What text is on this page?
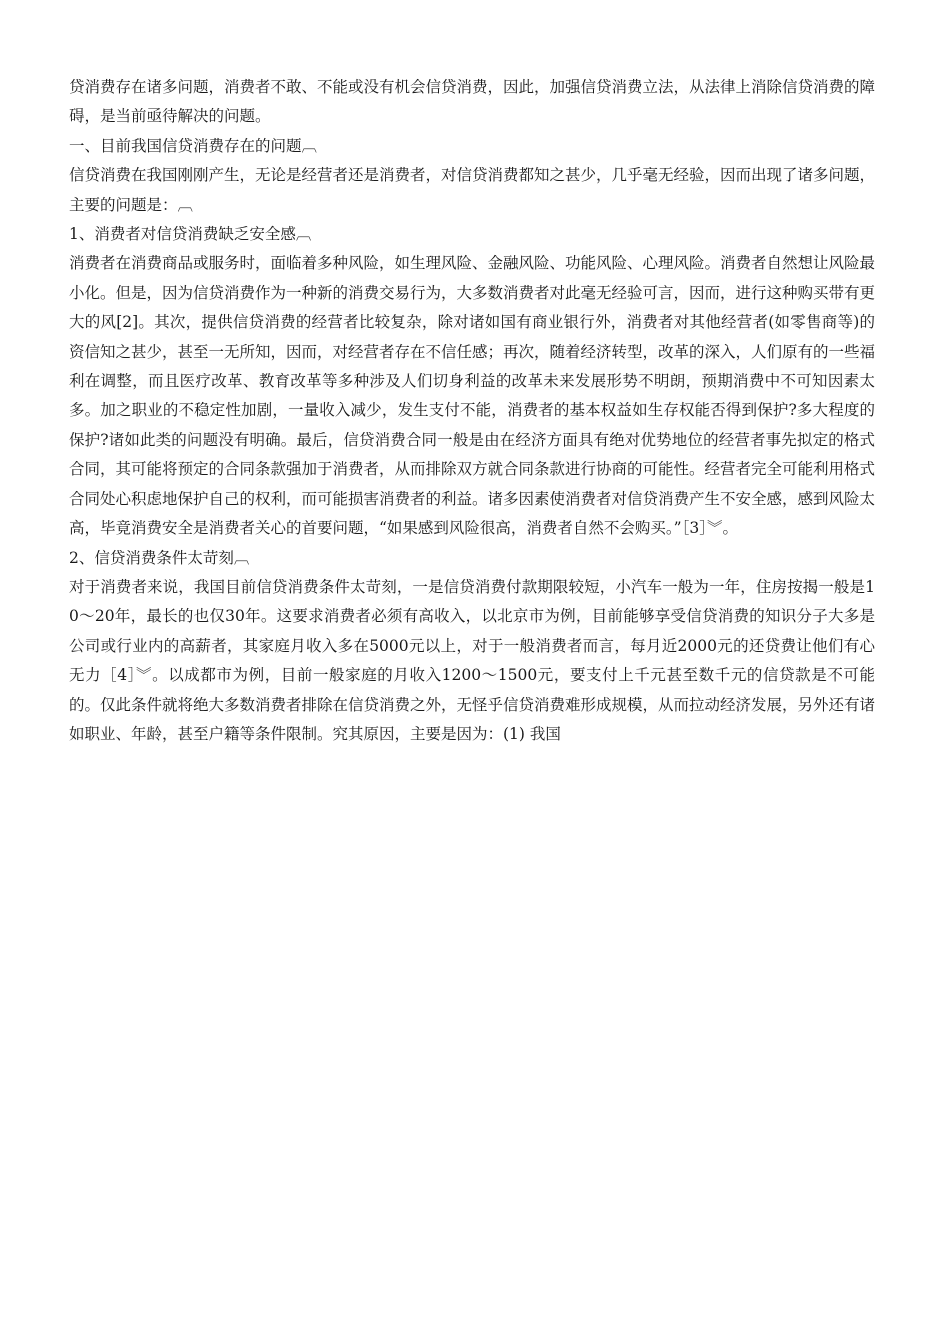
贷消费存在诸多问题，消费者不敢、不能或没有机会信贷消费，因此，加强信贷消费立法，从法律上消除信贷消费的障碍，是当前亟待解决的问题。

一、目前我国信贷消费存在的问题︹

信贷消费在我国刚刚产生，无论是经营者还是消费者，对信贷消费都知之甚少，几乎毫无经验，因而出现了诸多问题，主要的问题是：︹

1、消费者对信贷消费缺乏安全感︹

消费者在消费商品或服务时，面临着多种风险，如生理风险、金融风险、功能风险、心理风险。消费者自然想让风险最小化。但是，因为信贷消费作为一种新的消费交易行为，大多数消费者对此毫无经验可言，因而，进行这种购买带有更大的风[2]。其次，提供信贷消费的经营者比较复杂，除对诸如国有商业银行外，消费者对其他经营者(如零售商等)的资信知之甚少，甚至一无所知，因而，对经营者存在不信任感；再次，随着经济转型，改革的深入，人们原有的一些福利在调整，而且医疗改革、教育改革等多种涉及人们切身利益的改革未来发展形势不明朗，预期消费中不可知因素太多。加之职业的不稳定性加剧，一量收入减少，发生支付不能，消费者的基本权益如生存权能否得到保护?多大程度的保护?诸如此类的问题没有明确。最后，信贷消费合同一般是由在经济方面具有绝对优势地位的经营者事先拟定的格式合同，其可能将预定的合同条款强加于消费者，从而排除双方就合同条款进行协商的可能性。经营者完全可能利用格式合同处心积虑地保护自己的权利，而可能损害消费者的利益。诸多因素使消费者对信贷消费产生不安全感，感到风险太高，毕竟消费安全是消费者关心的首要问题，“如果感到风险很高，消费者自然不会购买。”［3］︾。

2、信贷消费条件太苛刻︹

对于消费者来说，我国目前信贷消费条件太苛刻，一是信贷消费付款期限较短，小汽车一般为一年，住房按揭一般是10～20年，最长的也仅30年。这要求消费者必须有高收入，以北京市为例，目前能够享受信贷消费的知识分子大多是公司或行业内的高薪者，其家庭月收入多在5000元以上，对于一般消费者而言，每月近2000元的还贷费让他们有心无力［4］︾。以成都市为例，目前一般家庭的月收入1200～1500元，要支付上千元甚至数千元的信贷款是不可能的。仅此条件就将绝大多数消费者排除在信贷消费之外，无怪乎信贷消费难形成规模，从而拉动经济发展，另外还有诸如职业、年龄，甚至户籍等条件限制。究其原因，主要是因为：(1) 我国
